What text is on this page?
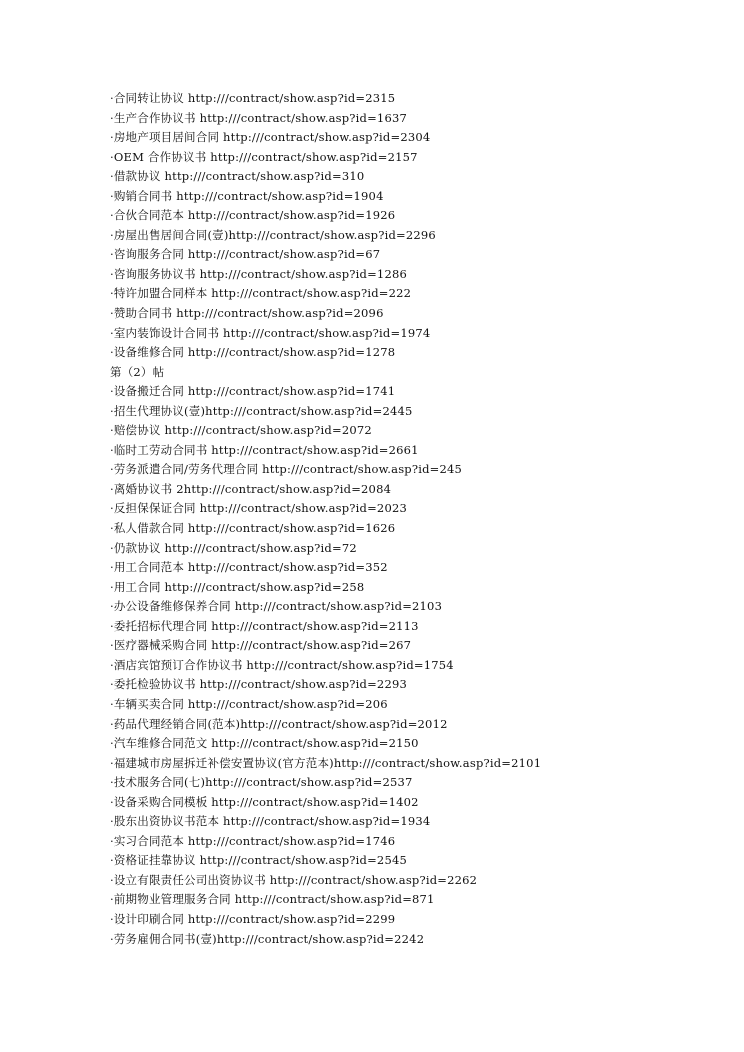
·合同转让协议 http:///contract/show.asp?id=2315
·生产合作协议书 http:///contract/show.asp?id=1637
·房地产项目居间合同 http:///contract/show.asp?id=2304
·OEM 合作协议书 http:///contract/show.asp?id=2157
·借款协议 http:///contract/show.asp?id=310
·购销合同书 http:///contract/show.asp?id=1904
·合伙合同范本 http:///contract/show.asp?id=1926
·房屋出售居间合同(壹)http:///contract/show.asp?id=2296
·咨询服务合同 http:///contract/show.asp?id=67
·咨询服务协议书 http:///contract/show.asp?id=1286
·特许加盟合同样本 http:///contract/show.asp?id=222
·赞助合同书 http:///contract/show.asp?id=2096
·室内装饰设计合同书 http:///contract/show.asp?id=1974
·设备维修合同 http:///contract/show.asp?id=1278
第（2）帖
·设备搬迁合同 http:///contract/show.asp?id=1741
·招生代理协议(壹)http:///contract/show.asp?id=2445
·赔偿协议 http:///contract/show.asp?id=2072
·临时工劳动合同书 http:///contract/show.asp?id=2661
·劳务派遣合同/劳务代理合同 http:///contract/show.asp?id=245
·离婚协议书 2http:///contract/show.asp?id=2084
·反担保保证合同 http:///contract/show.asp?id=2023
·私人借款合同 http:///contract/show.asp?id=1626
·仍款协议 http:///contract/show.asp?id=72
·用工合同范本 http:///contract/show.asp?id=352
·用工合同 http:///contract/show.asp?id=258
·办公设备维修保养合同 http:///contract/show.asp?id=2103
·委托招标代理合同 http:///contract/show.asp?id=2113
·医疗器械采购合同 http:///contract/show.asp?id=267
·酒店宾馆预订合作协议书 http:///contract/show.asp?id=1754
·委托检验协议书 http:///contract/show.asp?id=2293
·车辆买卖合同 http:///contract/show.asp?id=206
·药品代理经销合同(范本)http:///contract/show.asp?id=2012
·汽车维修合同范文 http:///contract/show.asp?id=2150
·福建城市房屋拆迁补偿安置协议(官方范本)http:///contract/show.asp?id=2101
·技术服务合同(七)http:///contract/show.asp?id=2537
·设备采购合同模板 http:///contract/show.asp?id=1402
·股东出资协议书范本 http:///contract/show.asp?id=1934
·实习合同范本 http:///contract/show.asp?id=1746
·资格证挂靠协议 http:///contract/show.asp?id=2545
·设立有限责任公司出资协议书 http:///contract/show.asp?id=2262
·前期物业管理服务合同 http:///contract/show.asp?id=871
·设计印刷合同 http:///contract/show.asp?id=2299
·劳务雇佣合同书(壹)http:///contract/show.asp?id=2242
